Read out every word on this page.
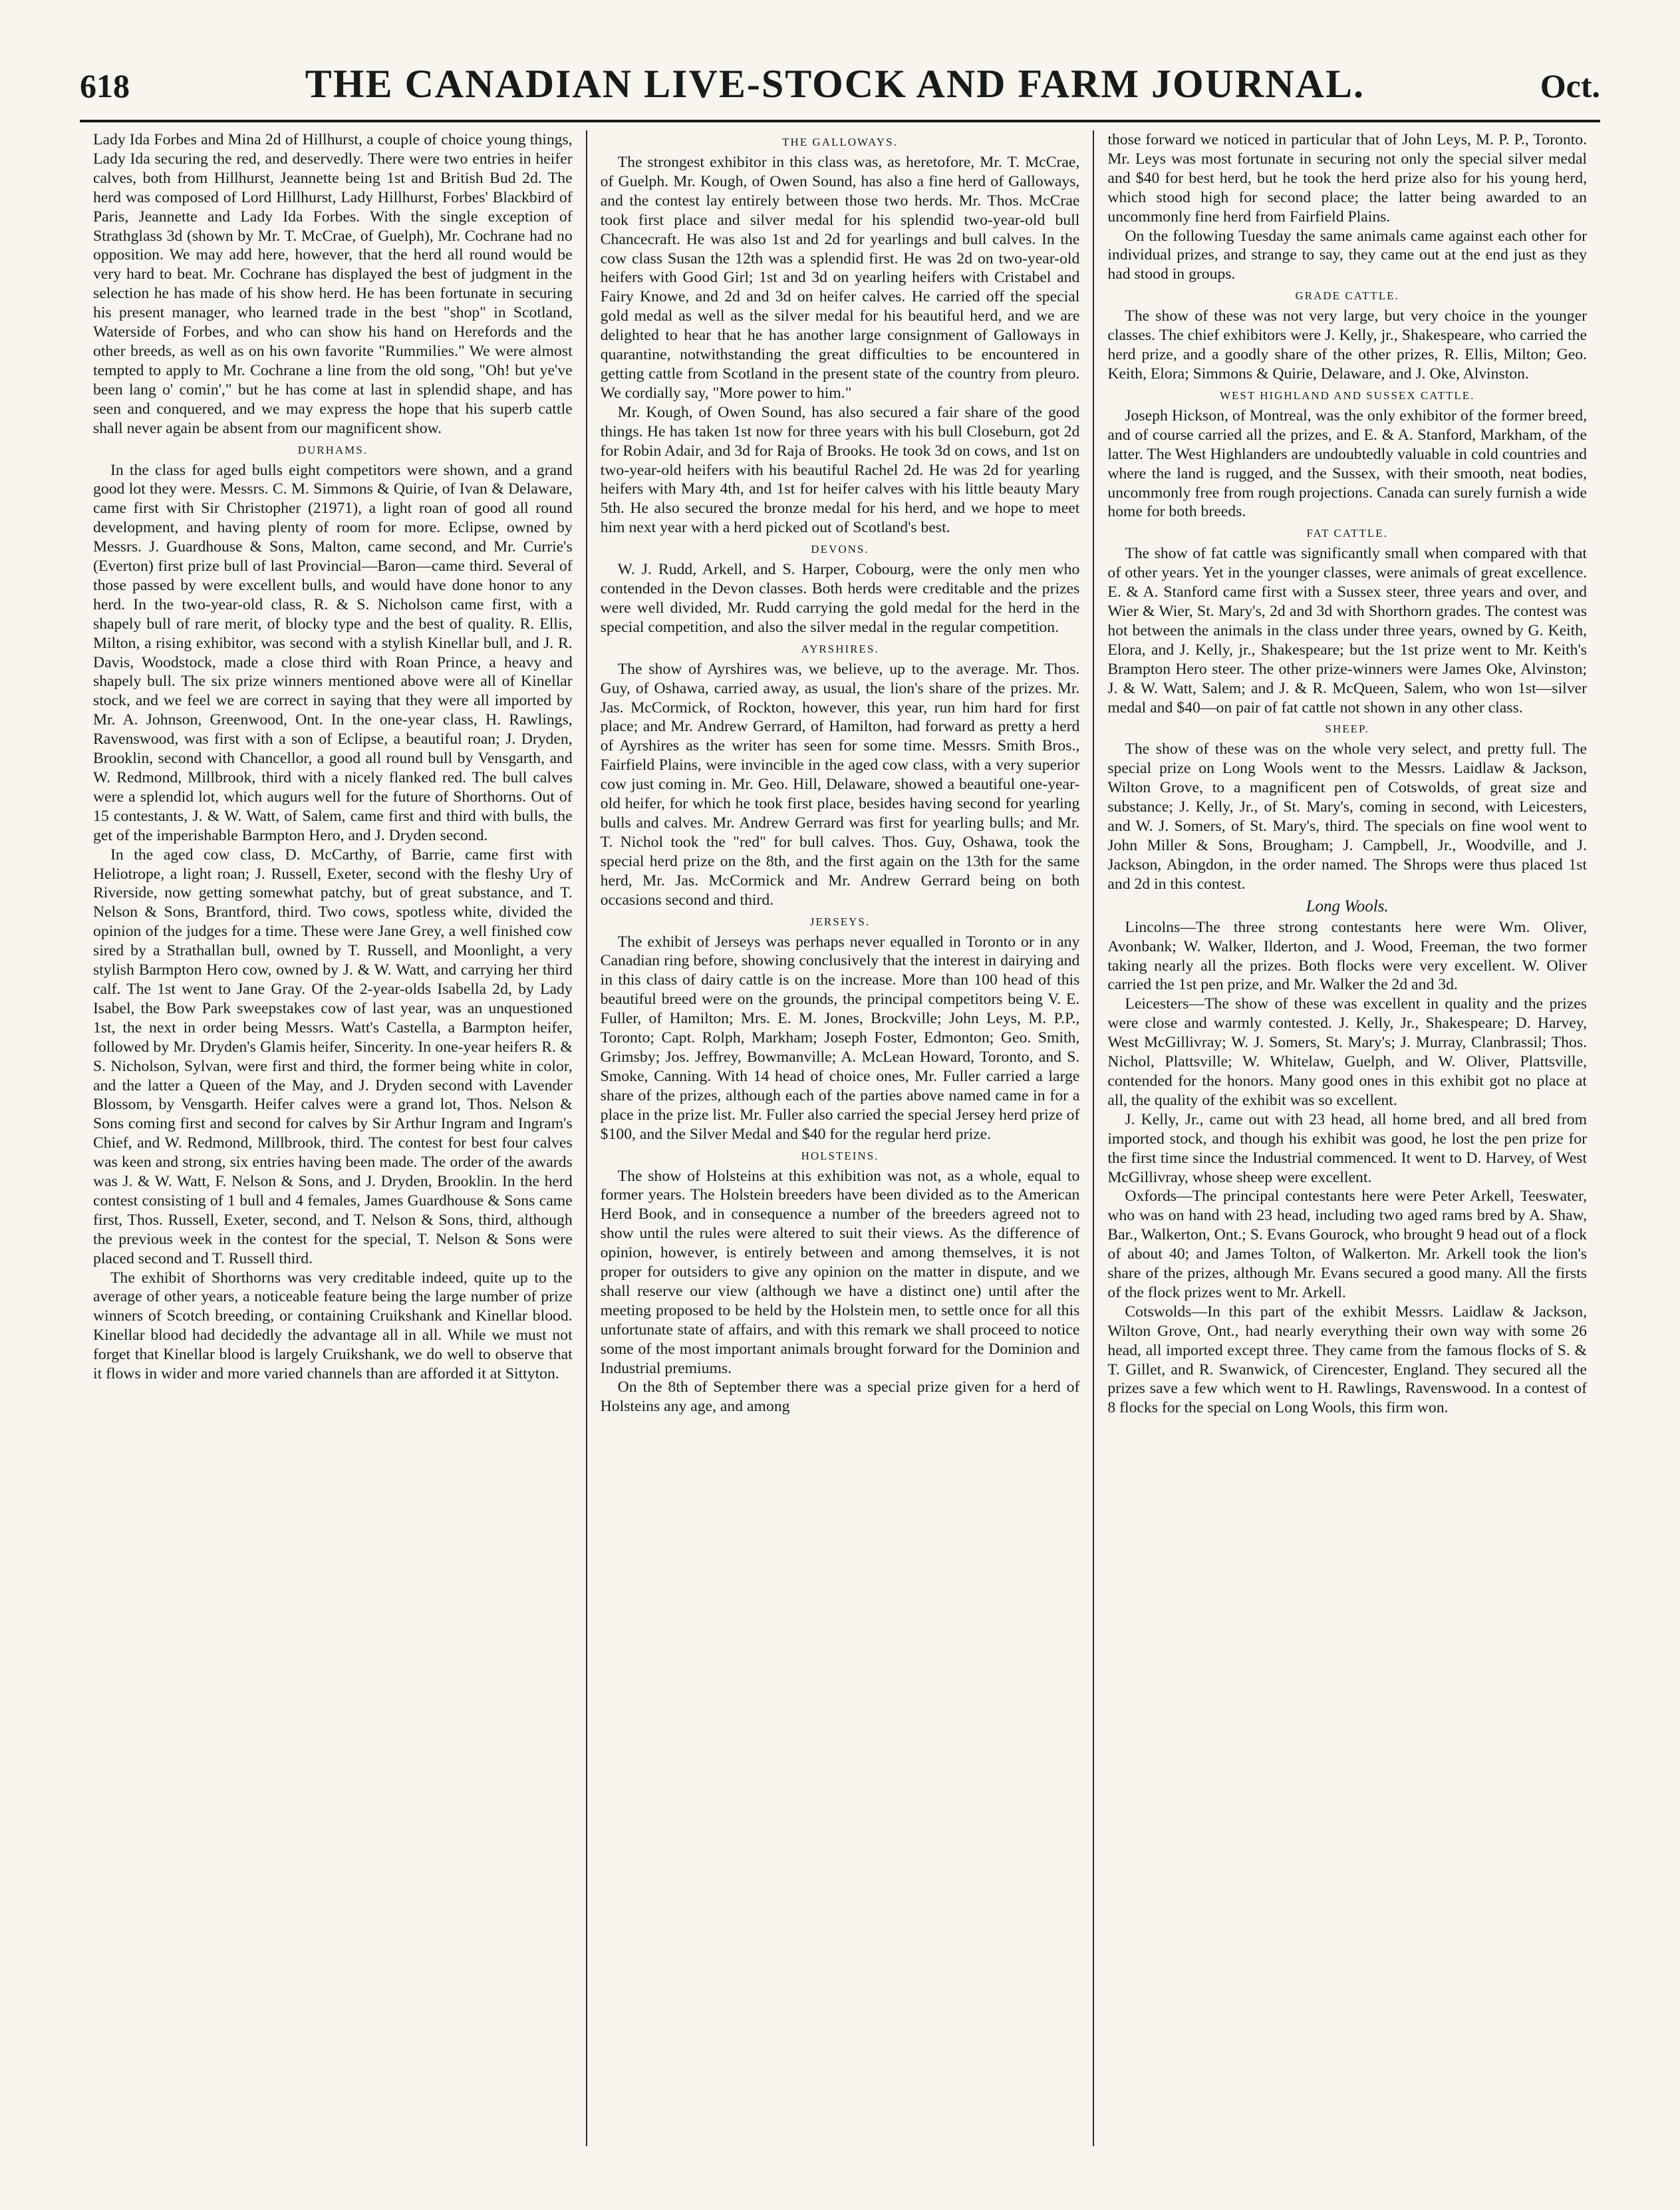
618	THE CANADIAN LIVE-STOCK AND FARM JOURNAL.	Oct.

Lady Ida Forbes and Mina 2d of Hillhurst, a couple of choice young things, Lady Ida securing the red, and deservedly. There were two entries in heifer calves, both from Hillhurst, Jeannette being 1st and British Bud 2d. The herd was composed of Lord Hillhurst, Lady Hillhurst, Forbes' Blackbird of Paris, Jeannette and Lady Ida Forbes. With the single exception of Strathglass 3d (shown by Mr. T. McCrae, of Guelph), Mr. Cochrane had no opposition. We may add here, however, that the herd all round would be very hard to beat. Mr. Cochrane has displayed the best of judgment in the selection he has made of his show herd. He has been fortunate in securing his present manager, who learned trade in the best "shop" in Scotland, Waterside of Forbes, and who can show his hand on Herefords and the other breeds, as well as on his own favorite "Rummilies." We were almost tempted to apply to Mr. Cochrane a line from the old song, "Oh! but ye've been lang o' comin'," but he has come at last in splendid shape, and has seen and conquered, and we may express the hope that his superb cattle shall never again be absent from our magnificent show.

DURHAMS.

In the class for aged bulls eight competitors were shown, and a grand good lot they were. Messrs. C. M. Simmons & Quirie, of Ivan & Delaware, came first with Sir Christopher (21971), a light roan of good all round development, and having plenty of room for more. Eclipse, owned by Messrs. J. Guardhouse & Sons, Malton, came second, and Mr. Currie's (Everton) first prize bull of last Provincial—Baron—came third. Several of those passed by were excellent bulls, and would have done honor to any herd. In the two-year-old class, R. & S. Nicholson came first, with a shapely bull of rare merit, of blocky type and the best of quality. R. Ellis, Milton, a rising exhibitor, was second with a stylish Kinellar bull, and J. R. Davis, Woodstock, made a close third with Roan Prince, a heavy and shapely bull. The six prize winners mentioned above were all of Kinellar stock, and we feel we are correct in saying that they were all imported by Mr. A. Johnson, Greenwood, Ont. In the one-year class, H. Rawlings, Ravenswood, was first with a son of Eclipse, a beautiful roan; J. Dryden, Brooklin, second with Chancellor, a good all round bull by Vensgarth, and W. Redmond, Millbrook, third with a nicely flanked red. The bull calves were a splendid lot, which augurs well for the future of Shorthorns. Out of 15 contestants, J. & W. Watt, of Salem, came first and third with bulls, the get of the imperishable Barmpton Hero, and J. Dryden second.

In the aged cow class, D. McCarthy, of Barrie, came first with Heliotrope, a light roan; J. Russell, Exeter, second with the fleshy Ury of Riverside, now getting somewhat patchy, but of great substance, and T. Nelson & Sons, Brantford, third. Two cows, spotless white, divided the opinion of the judges for a time. These were Jane Grey, a well finished cow sired by a Strathallan bull, owned by T. Russell, and Moonlight, a very stylish Barmpton Hero cow, owned by J. & W. Watt, and carrying her third calf. The 1st went to Jane Gray. Of the 2-year-olds Isabella 2d, by Lady Isabel, the Bow Park sweepstakes cow of last year, was an unquestioned 1st, the next in order being Messrs. Watt's Castella, a Barmpton heifer, followed by Mr. Dryden's Glamis heifer, Sincerity. In one-year heifers R. & S. Nicholson, Sylvan, were first and third, the former being white in color, and the latter a Queen of the May, and J. Dryden second with Lavender Blossom, by Vensgarth. Heifer calves were a grand lot, Thos. Nelson & Sons coming first and second for calves by Sir Arthur Ingram and Ingram's Chief, and W. Redmond, Millbrook, third. The contest for best four calves was keen and strong, six entries having been made. The order of the awards was J. & W. Watt, F. Nelson & Sons, and J. Dryden, Brooklin. In the herd contest consisting of 1 bull and 4 females, James Guardhouse & Sons came first, Thos. Russell, Exeter, second, and T. Nelson & Sons, third, although the previous week in the contest for the special, T. Nelson & Sons were placed second and T. Russell third.

The exhibit of Shorthorns was very creditable indeed, quite up to the average of other years, a noticeable feature being the large number of prize winners of Scotch breeding, or containing Cruikshank and Kinellar blood. Kinellar blood had decidedly the advantage all in all. While we must not forget that Kinellar blood is largely Cruikshank, we do well to observe that it flows in wider and more varied channels than are afforded it at Sittyton.

THE GALLOWAYS.

The strongest exhibitor in this class was, as heretofore, Mr. T. McCrae, of Guelph. Mr. Kough, of Owen Sound, has also a fine herd of Galloways, and the contest lay entirely between those two herds. Mr. Thos. McCrae took first place and silver medal for his splendid two-year-old bull Chancecraft. He was also 1st and 2d for yearlings and bull calves. In the cow class Susan the 12th was a splendid first. He was 2d on two-year-old heifers with Good Girl; 1st and 3d on yearling heifers with Cristabel and Fairy Knowe, and 2d and 3d on heifer calves. He carried off the special gold medal as well as the silver medal for his beautiful herd, and we are delighted to hear that he has another large consignment of Galloways in quarantine, notwithstanding the great difficulties to be encountered in getting cattle from Scotland in the present state of the country from pleuro. We cordially say, "More power to him."

Mr. Kough, of Owen Sound, has also secured a fair share of the good things. He has taken 1st now for three years with his bull Closeburn, got 2d for Robin Adair, and 3d for Raja of Brooks. He took 3d on cows, and 1st on two-year-old heifers with his beautiful Rachel 2d. He was 2d for yearling heifers with Mary 4th, and 1st for heifer calves with his little beauty Mary 5th. He also secured the bronze medal for his herd, and we hope to meet him next year with a herd picked out of Scotland's best.

DEVONS.

W. J. Rudd, Arkell, and S. Harper, Cobourg, were the only men who contended in the Devon classes. Both herds were creditable and the prizes were well divided, Mr. Rudd carrying the gold medal for the herd in the special competition, and also the silver medal in the regular competition.

AYRSHIRES.

The show of Ayrshires was, we believe, up to the average. Mr. Thos. Guy, of Oshawa, carried away, as usual, the lion's share of the prizes. Mr. Jas. McCormick, of Rockton, however, this year, run him hard for first place; and Mr. Andrew Gerrard, of Hamilton, had forward as pretty a herd of Ayrshires as the writer has seen for some time. Messrs. Smith Bros., Fairfield Plains, were invincible in the aged cow class, with a very superior cow just coming in. Mr. Geo. Hill, Delaware, showed a beautiful one-year-old heifer, for which he took first place, besides having second for yearling bulls and calves. Mr. Andrew Gerrard was first for yearling bulls; and Mr. T. Nichol took the "red" for bull calves. Thos. Guy, Oshawa, took the special herd prize on the 8th, and the first again on the 13th for the same herd, Mr. Jas. McCormick and Mr. Andrew Gerrard being on both occasions second and third.

JERSEYS.

The exhibit of Jerseys was perhaps never equalled in Toronto or in any Canadian ring before, showing conclusively that the interest in dairying and in this class of dairy cattle is on the increase. More than 100 head of this beautiful breed were on the grounds, the principal competitors being V. E. Fuller, of Hamilton; Mrs. E. M. Jones, Brockville; John Leys, M. P.P., Toronto; Capt. Rolph, Markham; Joseph Foster, Edmonton; Geo. Smith, Grimsby; Jos. Jeffrey, Bowmanville; A. McLean Howard, Toronto, and S. Smoke, Canning. With 14 head of choice ones, Mr. Fuller carried a large share of the prizes, although each of the parties above named came in for a place in the prize list. Mr. Fuller also carried the special Jersey herd prize of $100, and the Silver Medal and $40 for the regular herd prize.

HOLSTEINS.

The show of Holsteins at this exhibition was not, as a whole, equal to former years. The Holstein breeders have been divided as to the American Herd Book, and in consequence a number of the breeders agreed not to show until the rules were altered to suit their views. As the difference of opinion, however, is entirely between and among themselves, it is not proper for outsiders to give any opinion on the matter in dispute, and we shall reserve our view (although we have a distinct one) until after the meeting proposed to be held by the Holstein men, to settle once for all this unfortunate state of affairs, and with this remark we shall proceed to notice some of the most important animals brought forward for the Dominion and Industrial premiums.

On the 8th of September there was a special prize given for a herd of Holsteins any age, and among

those forward we noticed in particular that of John Leys, M. P. P., Toronto. Mr. Leys was most fortunate in securing not only the special silver medal and $40 for best herd, but he took the herd prize also for his young herd, which stood high for second place; the latter being awarded to an uncommonly fine herd from Fairfield Plains.

On the following Tuesday the same animals came against each other for individual prizes, and strange to say, they came out at the end just as they had stood in groups.

GRADE CATTLE.

The show of these was not very large, but very choice in the younger classes. The chief exhibitors were J. Kelly, jr., Shakespeare, who carried the herd prize, and a goodly share of the other prizes, R. Ellis, Milton; Geo. Keith, Elora; Simmons & Quirie, Delaware, and J. Oke, Alvinston.

WEST HIGHLAND AND SUSSEX CATTLE.

Joseph Hickson, of Montreal, was the only exhibitor of the former breed, and of course carried all the prizes, and E. & A. Stanford, Markham, of the latter. The West Highlanders are undoubtedly valuable in cold countries and where the land is rugged, and the Sussex, with their smooth, neat bodies, uncommonly free from rough projections. Canada can surely furnish a wide home for both breeds.

FAT CATTLE.

The show of fat cattle was significantly small when compared with that of other years. Yet in the younger classes, were animals of great excellence. E. & A. Stanford came first with a Sussex steer, three years and over, and Wier & Wier, St. Mary's, 2d and 3d with Shorthorn grades. The contest was hot between the animals in the class under three years, owned by G. Keith, Elora, and J. Kelly, jr., Shakespeare; but the 1st prize went to Mr. Keith's Brampton Hero steer. The other prize-winners were James Oke, Alvinston; J. & W. Watt, Salem; and J. & R. McQueen, Salem, who won 1st—silver medal and $40—on pair of fat cattle not shown in any other class.

SHEEP.

The show of these was on the whole very select, and pretty full. The special prize on Long Wools went to the Messrs. Laidlaw & Jackson, Wilton Grove, to a magnificent pen of Cotswolds, of great size and substance; J. Kelly, Jr., of St. Mary's, coming in second, with Leicesters, and W. J. Somers, of St. Mary's, third. The specials on fine wool went to John Miller & Sons, Brougham; J. Campbell, Jr., Woodville, and J. Jackson, Abingdon, in the order named. The Shrops were thus placed 1st and 2d in this contest.

Long Wools.

Lincolns—The three strong contestants here were Wm. Oliver, Avonbank; W. Walker, Ilderton, and J. Wood, Freeman, the two former taking nearly all the prizes. Both flocks were very excellent. W. Oliver carried the 1st pen prize, and Mr. Walker the 2d and 3d.

Leicesters—The show of these was excellent in quality and the prizes were close and warmly contested. J. Kelly, Jr., Shakespeare; D. Harvey, West McGillivray; W. J. Somers, St. Mary's; J. Murray, Clanbrassil; Thos. Nichol, Plattsville; W. Whitelaw, Guelph, and W. Oliver, Plattsville, contended for the honors. Many good ones in this exhibit got no place at all, the quality of the exhibit was so excellent.

J. Kelly, Jr., came out with 23 head, all home bred, and all bred from imported stock, and though his exhibit was good, he lost the pen prize for the first time since the Industrial commenced. It went to D. Harvey, of West McGillivray, whose sheep were excellent.

Oxfords—The principal contestants here were Peter Arkell, Teeswater, who was on hand with 23 head, including two aged rams bred by A. Shaw, Bar., Walkerton, Ont.; S. Evans Gourock, who brought 9 head out of a flock of about 40; and James Tolton, of Walkerton. Mr. Arkell took the lion's share of the prizes, although Mr. Evans secured a good many. All the firsts of the flock prizes went to Mr. Arkell.

Cotswolds—In this part of the exhibit Messrs. Laidlaw & Jackson, Wilton Grove, Ont., had nearly everything their own way with some 26 head, all imported except three. They came from the famous flocks of S. & T. Gillet, and R. Swanwick, of Cirencester, England. They secured all the prizes save a few which went to H. Rawlings, Ravenswood. In a contest of 8 flocks for the special on Long Wools, this firm won.
